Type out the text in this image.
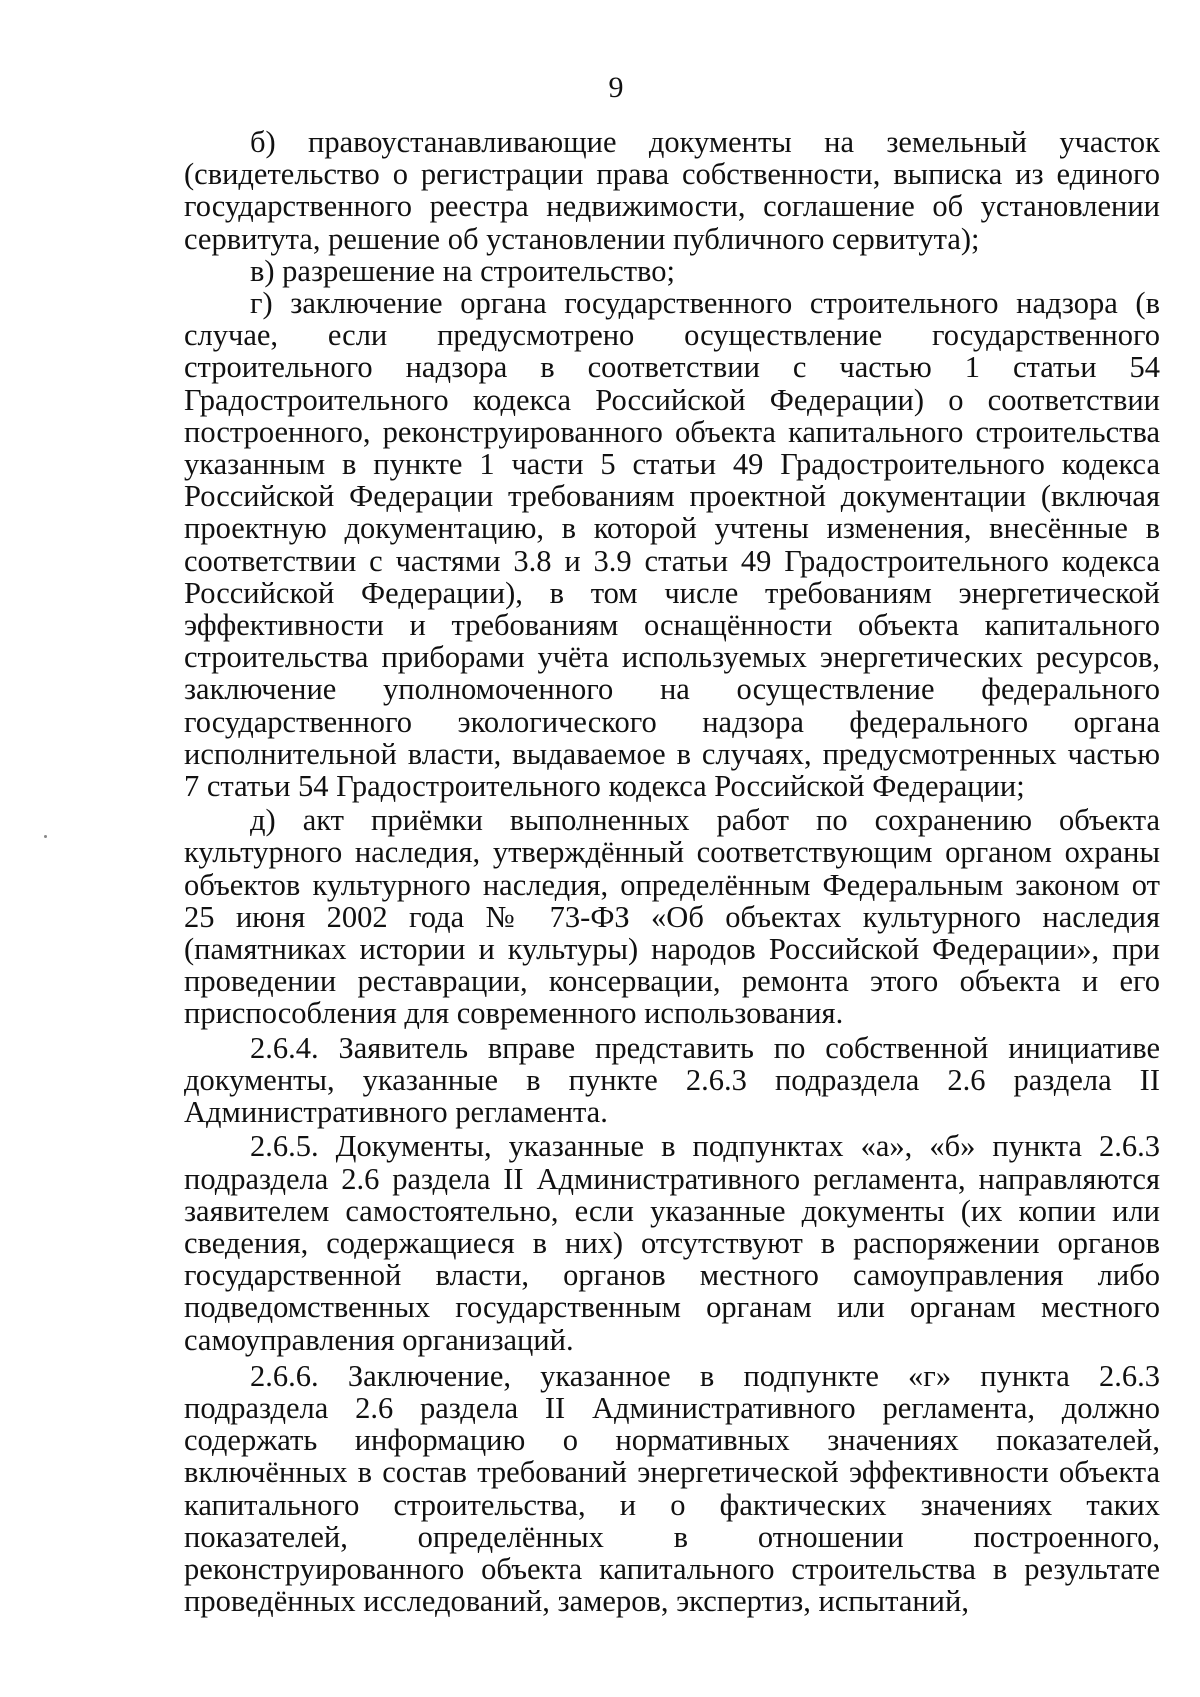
9

б) правоустанавливающие документы на земельный участок (свидетельство о регистрации права собственности, выписка из единого государственного реестра недвижимости, соглашение об установлении сервитута, решение об установлении публичного сервитута);

в) разрешение на строительство;

г) заключение органа государственного строительного надзора (в случае, если предусмотрено осуществление государственного строительного надзора в соответствии с частью 1 статьи 54 Градостроительного кодекса Российской Федерации) о соответствии построенного, реконструированного объекта капитального строительства указанным в пункте 1 части 5 статьи 49 Градостроительного кодекса Российской Федерации требованиям проектной документации (включая проектную документацию, в которой учтены изменения, внесённые в соответствии с частями 3.8 и 3.9 статьи 49 Градостроительного кодекса Российской Федерации), в том числе требованиям энергетической эффективности и требованиям оснащённости объекта капитального строительства приборами учёта используемых энергетических ресурсов, заключение уполномоченного на осуществление федерального государственного экологического надзора федерального органа исполнительной власти, выдаваемое в случаях, предусмотренных частью 7 статьи 54 Градостроительного кодекса Российской Федерации;

д) акт приёмки выполненных работ по сохранению объекта культурного наследия, утверждённый соответствующим органом охраны объектов культурного наследия, определённым Федеральным законом от 25 июня 2002 года № 73-ФЗ «Об объектах культурного наследия (памятниках истории и культуры) народов Российской Федерации», при проведении реставрации, консервации, ремонта этого объекта и его приспособления для современного использования.

2.6.4. Заявитель вправе представить по собственной инициативе документы, указанные в пункте 2.6.3 подраздела 2.6 раздела II Административного регламента.

2.6.5. Документы, указанные в подпунктах «а», «б» пункта 2.6.3 подраздела 2.6 раздела II Административного регламента, направляются заявителем самостоятельно, если указанные документы (их копии или сведения, содержащиеся в них) отсутствуют в распоряжении органов государственной власти, органов местного самоуправления либо подведомственных государственным органам или органам местного самоуправления организаций.

2.6.6. Заключение, указанное в подпункте «г» пункта 2.6.3 подраздела 2.6 раздела II Административного регламента, должно содержать информацию о нормативных значениях показателей, включённых в состав требований энергетической эффективности объекта капитального строительства, и о фактических значениях таких показателей, определённых в отношении построенного, реконструированного объекта капитального строительства в результате проведённых исследований, замеров, экспертиз, испытаний,
